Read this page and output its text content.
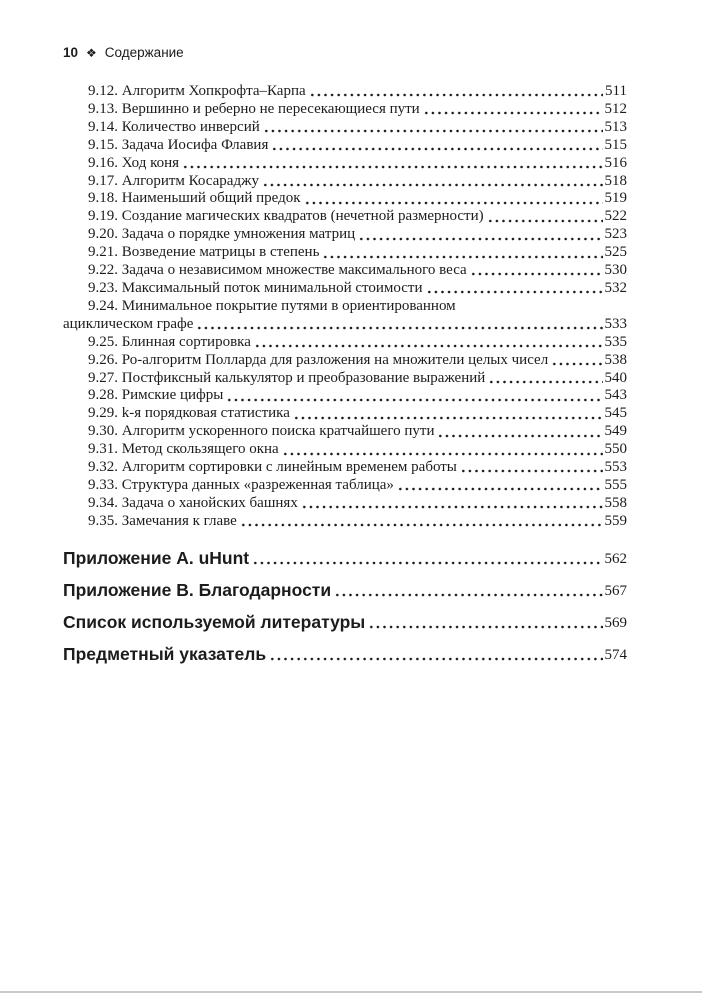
10 ❖ Содержание
9.12. Алгоритм Хопкрофта–Карпа	511
9.13. Вершинно и реберно не пересекающиеся пути	512
9.14. Количество инверсий	513
9.15. Задача Иосифа Флавия	515
9.16. Ход коня	516
9.17. Алгоритм Косараджу	518
9.18. Наименьший общий предок	519
9.19. Создание магических квадратов (нечетной размерности)	522
9.20. Задача о порядке умножения матриц	523
9.21. Возведение матрицы в степень	525
9.22. Задача о независимом множестве максимального веса	530
9.23. Максимальный поток минимальной стоимости	532
9.24. Минимальное покрытие путями в ориентированном
ациклическом графе	533
9.25. Блинная сортировка	535
9.26. Ро-алгоритм Полларда для разложения на множители целых чисел	538
9.27. Постфиксный калькулятор и преобразование выражений	540
9.28. Римские цифры	543
9.29. k-я порядковая статистика	545
9.30. Алгоритм ускоренного поиска кратчайшего пути	549
9.31. Метод скользящего окна	550
9.32. Алгоритм сортировки с линейным временем работы	553
9.33. Структура данных «разреженная таблица»	555
9.34. Задача о ханойских башнях	558
9.35. Замечания к главе	559
Приложение A. uHunt	562
Приложение B. Благодарности	567
Список используемой литературы	569
Предметный указатель	574
